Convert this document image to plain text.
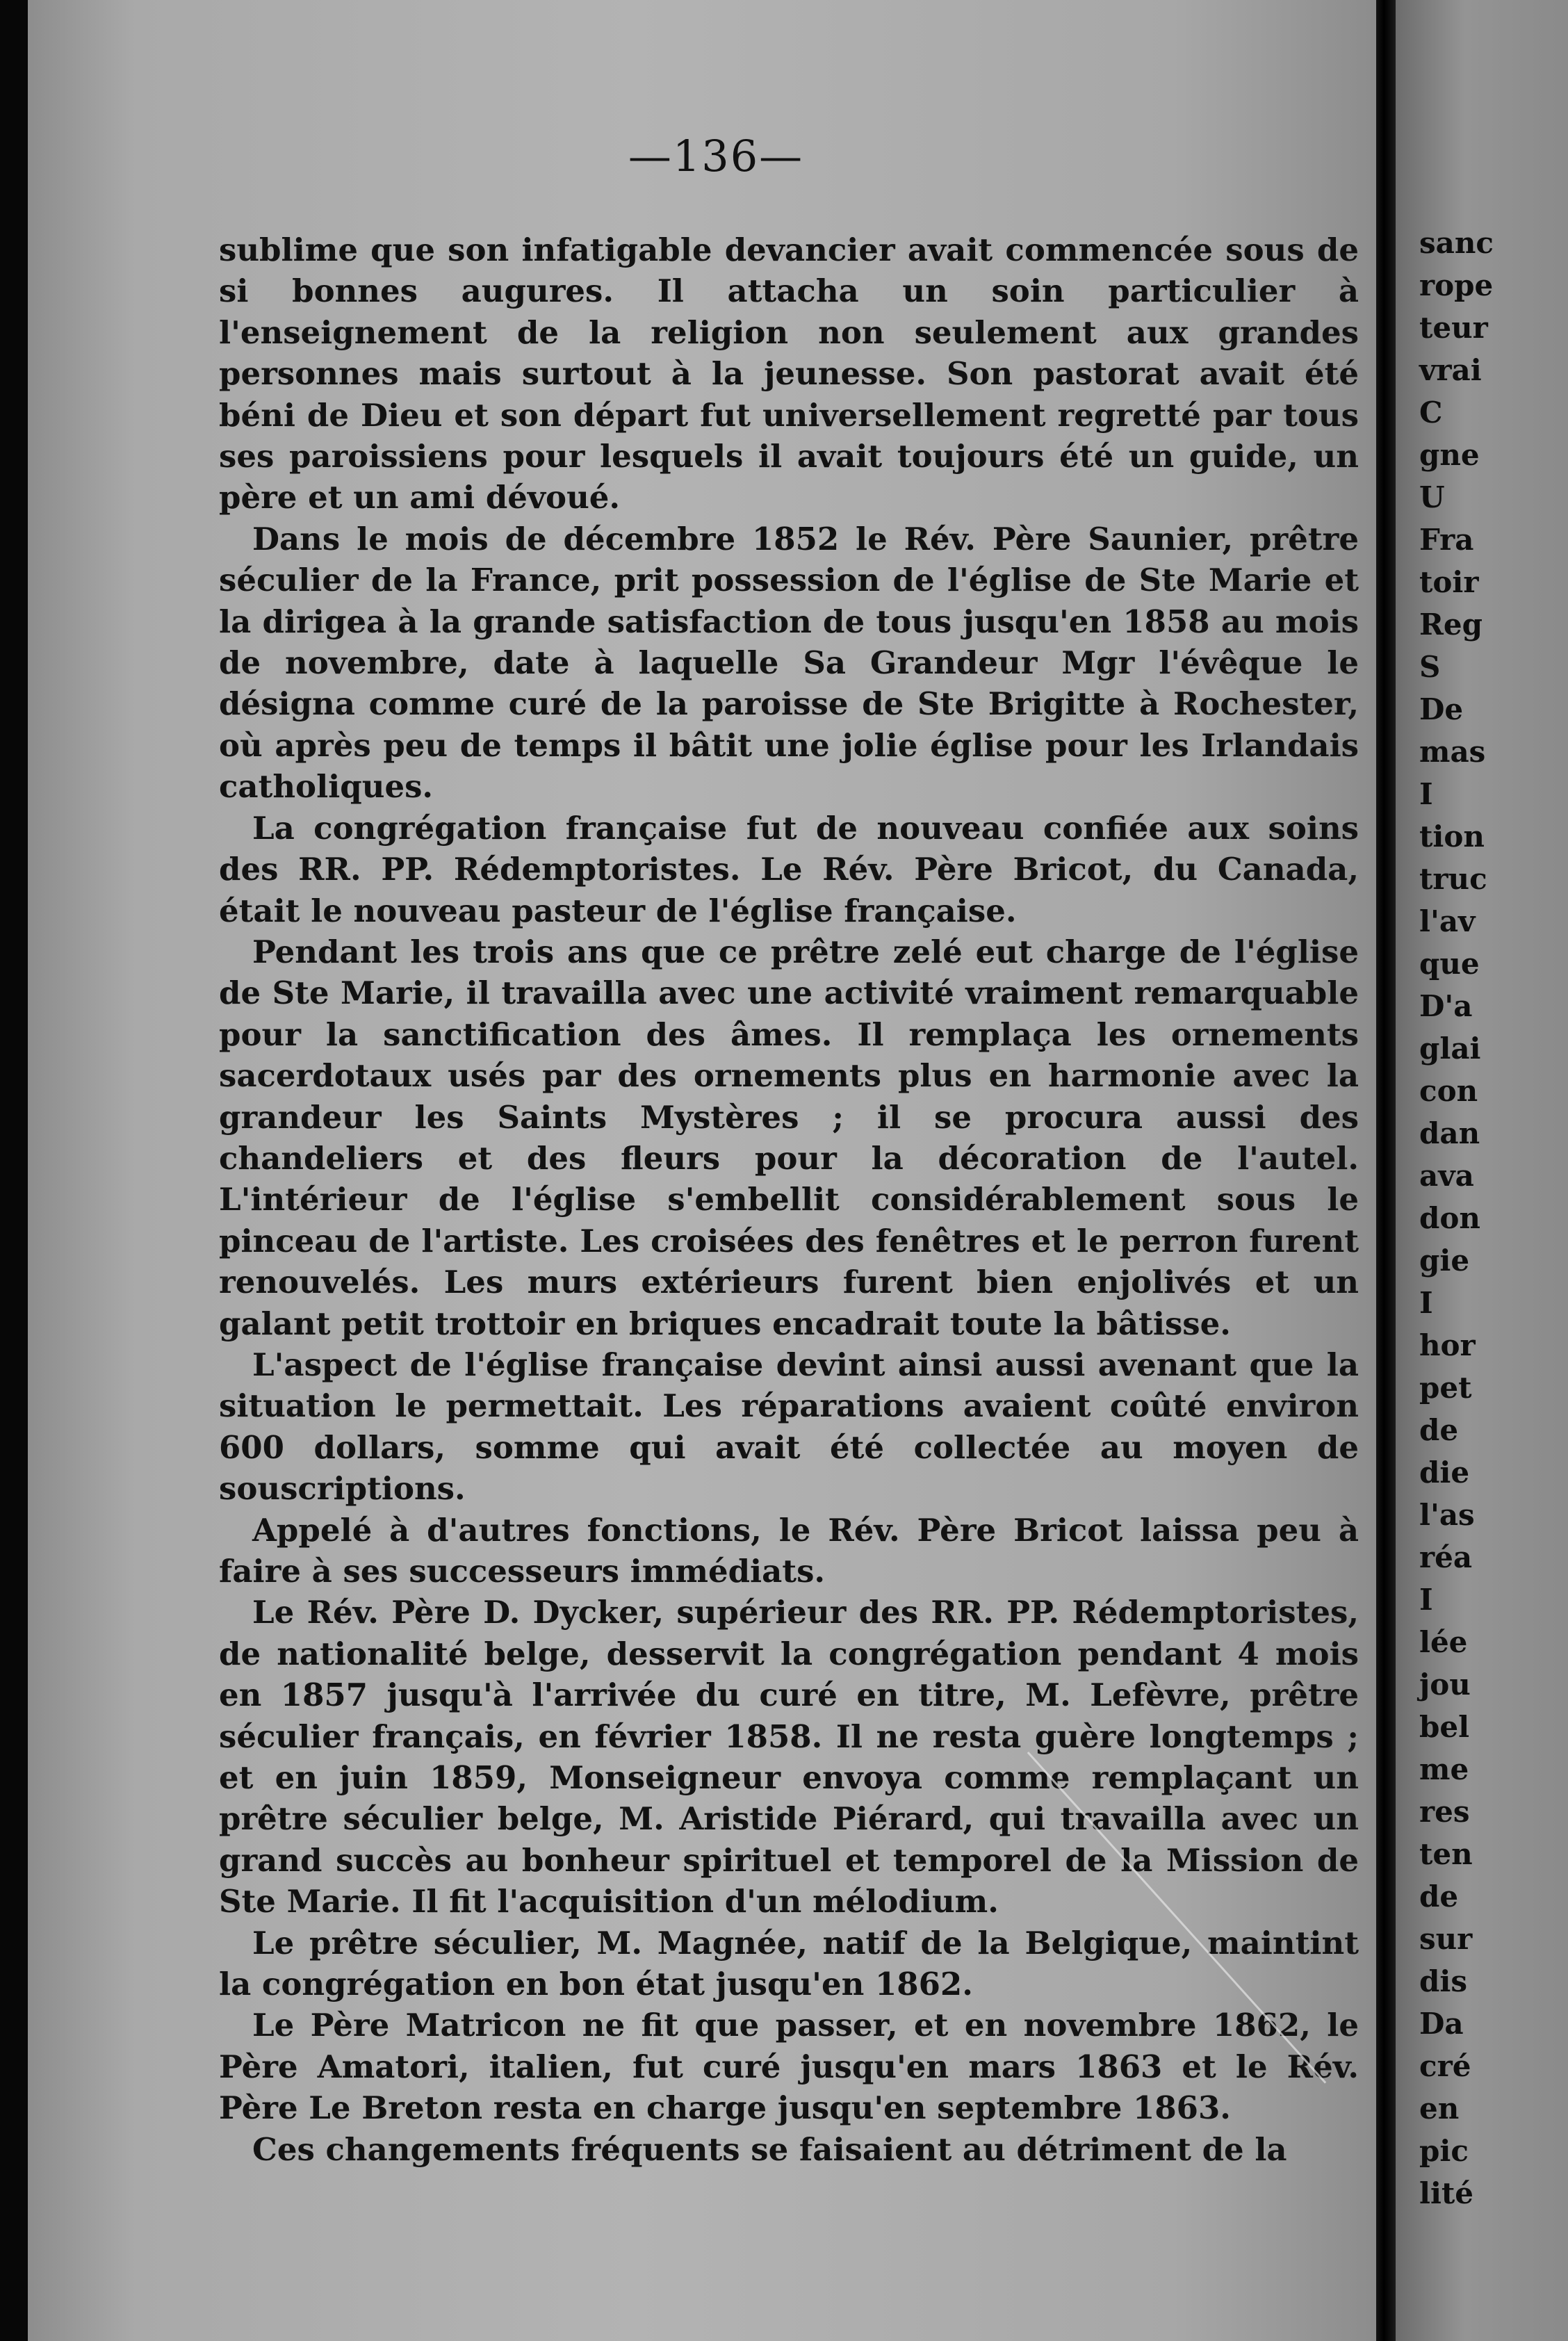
—136—

sublime que son infatigable devancier avait commencée sous de si bonnes augures. Il attacha un soin particulier à l'enseignement de la religion non seulement aux grandes personnes mais surtout à la jeunesse. Son pastorat avait été béni de Dieu et son départ fut universellement regretté par tous ses paroissiens pour lesquels il avait toujours été un guide, un père et un ami dévoué.

Dans le mois de décembre 1852 le Rév. Père Saunier, prêtre séculier de la France, prit possession de l'église de Ste Marie et la dirigea à la grande satisfaction de tous jusqu'en 1858 au mois de novembre, date à laquelle Sa Grandeur Mgr l'évêque le désigna comme curé de la paroisse de Ste Brigitte à Rochester, où après peu de temps il bâtit une jolie église pour les Irlandais catholiques.

La congrégation française fut de nouveau confiée aux soins des RR. PP. Rédemptoristes. Le Rév. Père Bricot, du Canada, était le nouveau pasteur de l'église française.

Pendant les trois ans que ce prêtre zelé eut charge de l'église de Ste Marie, il travailla avec une activité vraiment remarquable pour la sanctification des âmes. Il remplaça les ornements sacerdotaux usés par des ornements plus en harmonie avec la grandeur les Saints Mystères ; il se procura aussi des chandeliers et des fleurs pour la décoration de l'autel. L'intérieur de l'église s'embellit considérablement sous le pinceau de l'artiste. Les croisées des fenêtres et le perron furent renouvelés. Les murs extérieurs furent bien enjolivés et un galant petit trottoir en briques encadrait toute la bâtisse.

L'aspect de l'église française devint ainsi aussi avenant que la situation le permettait. Les réparations avaient coûté environ 600 dollars, somme qui avait été collectée au moyen de souscriptions.

Appelé à d'autres fonctions, le Rév. Père Bricot laissa peu à faire à ses successeurs immédiats.

Le Rév. Père D. Dycker, supérieur des RR. PP. Rédemptoristes, de nationalité belge, desservit la congrégation pendant 4 mois en 1857 jusqu'à l'arrivée du curé en titre, M. Lefèvre, prêtre séculier français, en février 1858. Il ne resta guère longtemps ; et en juin 1859, Monseigneur envoya comme remplaçant un prêtre séculier belge, M. Aristide Piérard, qui travailla avec un grand succès au bonheur spirituel et temporel de la Mission de Ste Marie. Il fit l'acquisition d'un mélodium.

Le prêtre séculier, M. Magnée, natif de la Belgique, maintint la congrégation en bon état jusqu'en 1862.

Le Père Matricon ne fit que passer, et en novembre 1862, le Père Amatori, italien, fut curé jusqu'en mars 1863 et le Rév. Père Le Breton resta en charge jusqu'en septembre 1863.

Ces changements fréquents se faisaient au détriment de la

sanc
rope
teur
vrai
C
gne
U
Fra
toir
Reg
S
De
mas
I
tion
truc
l'av
que
D'a
glai
con
dan
ava
don
gie
I
hor
pet
de
die
l'as
réa
I
lée
jou
bel
me
res
ten
de
sur
dis
Da
cré
en
pic
lité
